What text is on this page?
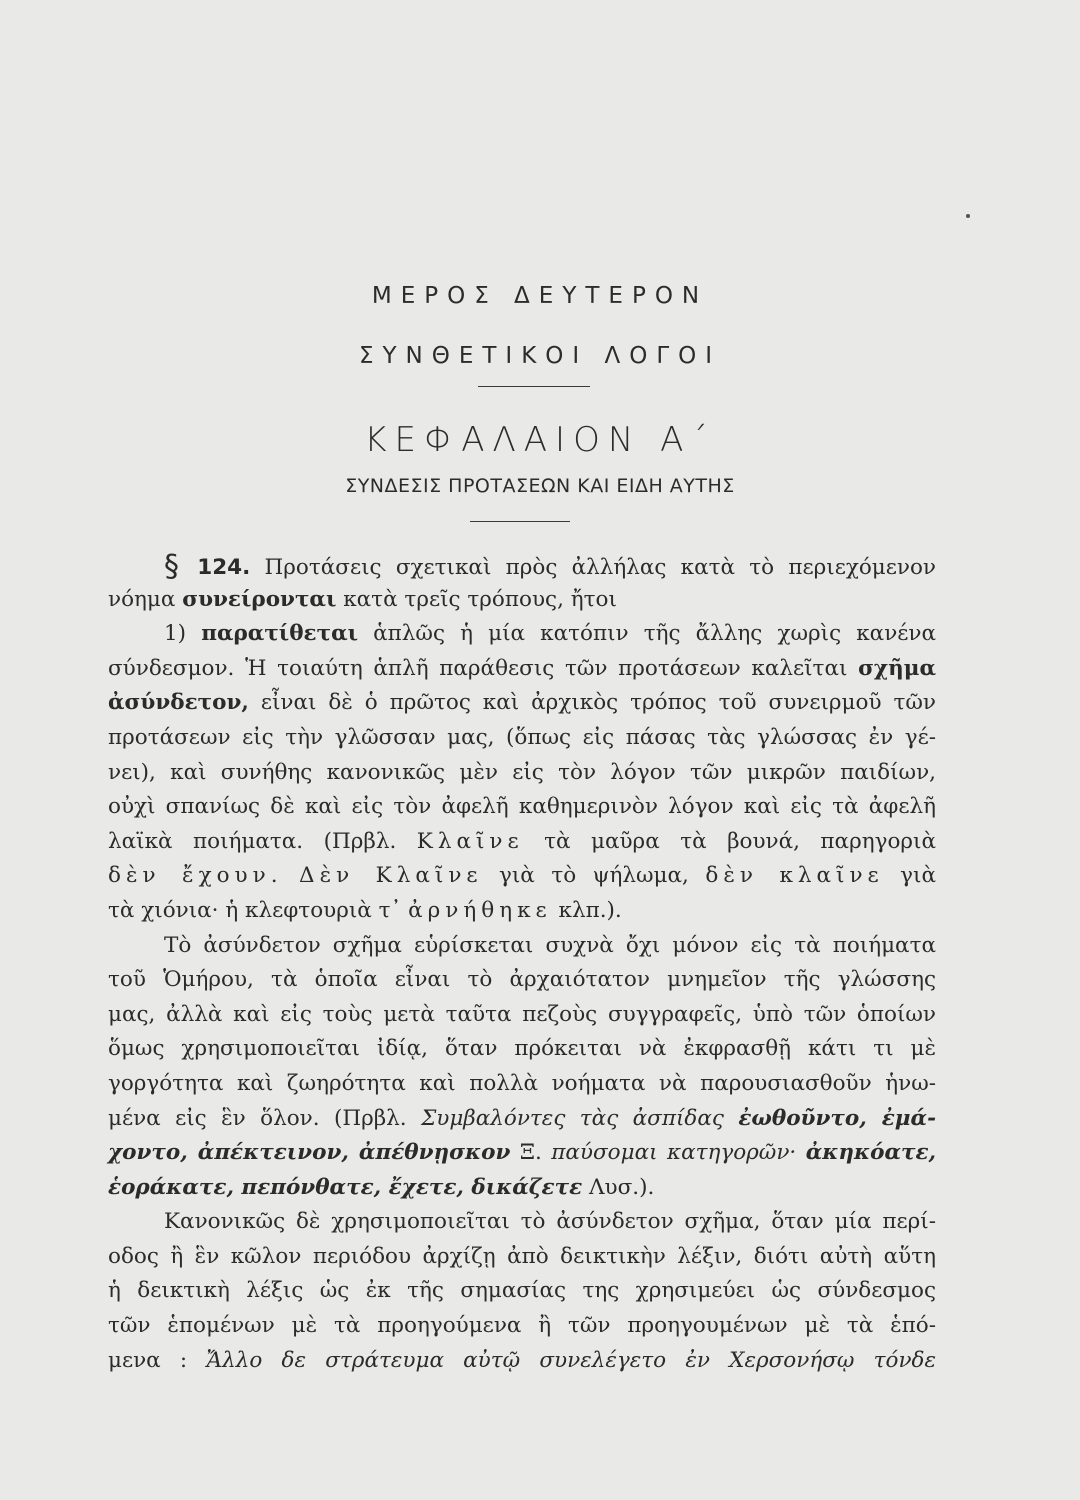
ΜΕΡΟΣ ΔΕΥΤΕΡΟΝ
ΣΥΝΘΕΤΙΚΟΙ ΛΟΓΟΙ
ΚΕΦΑΛΑΙΟΝ Α΄
ΣΥΝΔΕΣΙΣ ΠΡΟΤΑΣΕΩΝ ΚΑΙ ΕΙΔΗ ΑΥΤΗΣ
§ 124. Προτάσεις σχετικαὶ πρὸς ἀλλήλας κατὰ τὸ περιεχόμενον
νόημα συνείρονται κατὰ τρεῖς τρόπους, ἤτοι
1) παρατίθεται ἁπλῶς ἡ μία κατόπιν τῆς ἄλλης χωρὶς κανένα
σύνδεσμον. Ἡ τοιαύτη ἁπλῆ παράθεσις τῶν προτάσεων καλεῖται σχῆμα
ἀσύνδετον, εἶναι δὲ ὁ πρῶτος καὶ ἀρχικὸς τρόπος τοῦ συνειρμοῦ τῶν
προτάσεων εἰς τὴν γλῶσσαν μας, (ὅπως εἰς πάσας τὰς γλώσσας ἐν γέ-
νει), καὶ συνήθης κανονικῶς μὲν εἰς τὸν λόγον τῶν μικρῶν παιδίων,
οὐχὶ σπανίως δὲ καὶ εἰς τὸν ἀφελῆ καθημερινὸν λόγον καὶ εἰς τὰ ἀφελῆ
λαϊκὰ ποιήματα. (Πρβλ. Κλαῖνε τὰ μαῦρα τὰ βουνά, παρηγοριὰ
δὲν ἔχουν. Δὲν Κλαῖνε γιὰ τὸ ψήλωμα, δὲν κλαῖνε γιὰ
τὰ χιόνια· ἡ κλεφτουριὰ τ᾿ ἀρνήθηκε κλπ.).
Τὸ ἀσύνδετον σχῆμα εὑρίσκεται συχνὰ ὄχι μόνον εἰς τὰ ποιήματα
τοῦ Ὁμήρου, τὰ ὁποῖα εἶναι τὸ ἀρχαιότατον μνημεῖον τῆς γλώσσης
μας, ἀλλὰ καὶ εἰς τοὺς μετὰ ταῦτα πεζοὺς συγγραφεῖς, ὑπὸ τῶν ὁποίων
ὅμως χρησιμοποιεῖται ἰδίᾳ, ὅταν πρόκειται νὰ ἐκφρασθῇ κάτι τι μὲ
γοργότητα καὶ ζωηρότητα καὶ πολλὰ νοήματα νὰ παρουσιασθοῦν ἡνω-
μένα εἰς ἓν ὅλον. (Πρβλ. Συμβαλόντες τὰς ἀσπίδας ἐωθοῦντο, ἐμά-
χοντο, ἀπέκτεινον, ἀπέθνῃσκον Ξ. παύσομαι κατηγορῶν· ἀκηκόατε,
ἑοράκατε, πεπόνθατε, ἔχετε, δικάζετε Λυσ.).
Κανονικῶς δὲ χρησιμοποιεῖται τὸ ἀσύνδετον σχῆμα, ὅταν μία περί-
οδος ἢ ἓν κῶλον περιόδου ἀρχίζῃ ἀπὸ δεικτικὴν λέξιν, διότι αὐτὴ αὕτη
ἡ δεικτικὴ λέξις ὡς ἐκ τῆς σημασίας της χρησιμεύει ὡς σύνδεσμος
τῶν ἑπομένων μὲ τὰ προηγούμενα ἢ τῶν προηγουμένων μὲ τὰ ἑπό-
μενα : Ἄλλο δε στράτευμα αὐτῷ συνελέγετο ἐν Χερσονήσῳ τόνδε
